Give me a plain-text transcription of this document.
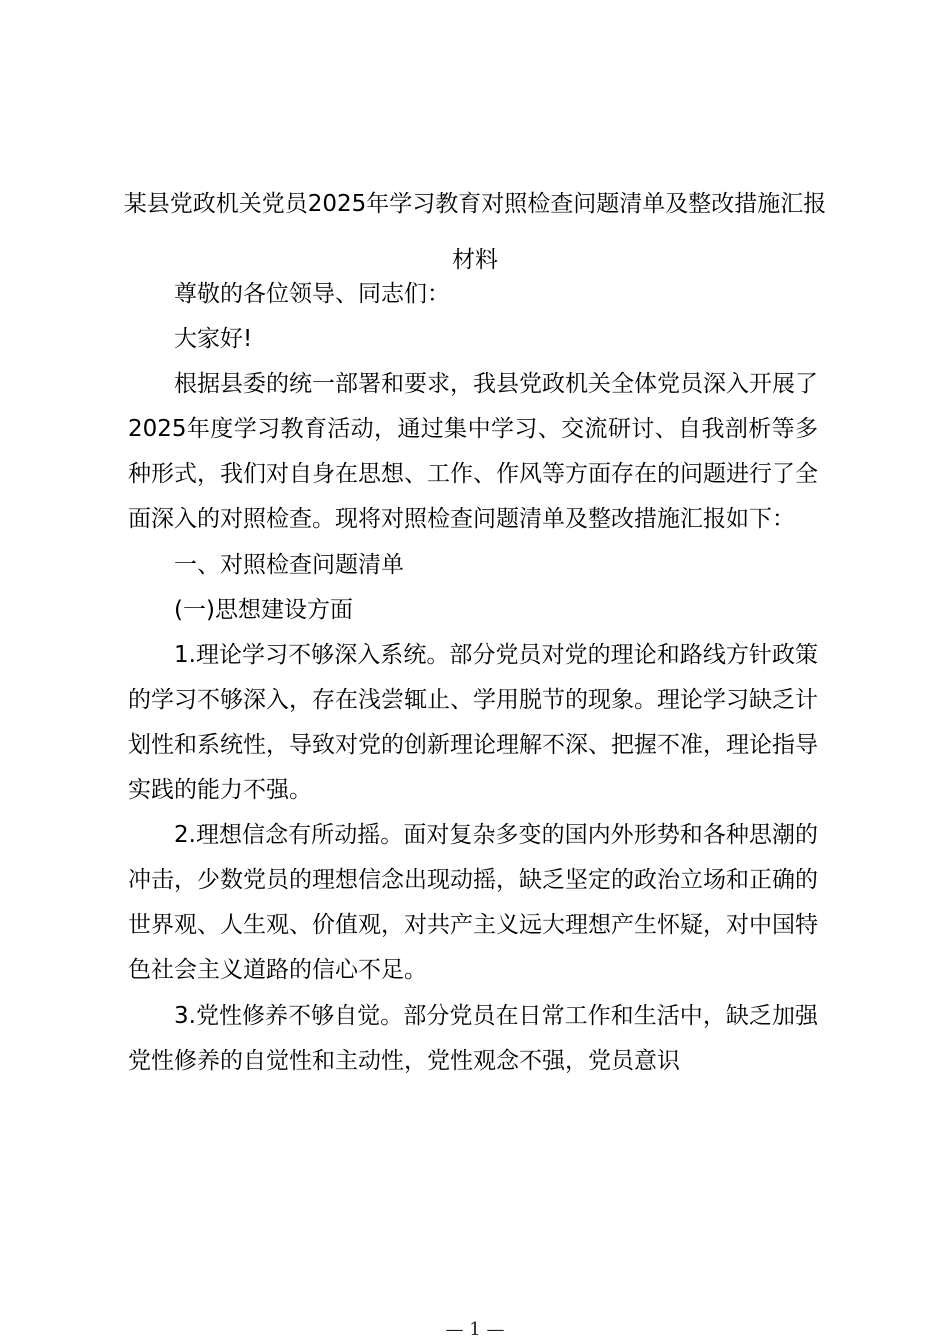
某县党政机关党员2025年学习教育对照检查问题清单及整改措施汇报材料

尊敬的各位领导、同志们：

大家好!

根据县委的统一部署和要求，我县党政机关全体党员深入开展了2025年度学习教育活动，通过集中学习、交流研讨、自我剖析等多种形式，我们对自身在思想、工作、作风等方面存在的问题进行了全面深入的对照检查。现将对照检查问题清单及整改措施汇报如下：

一、对照检查问题清单

(一)思想建设方面

1.理论学习不够深入系统。部分党员对党的理论和路线方针政策的学习不够深入，存在浅尝辄止、学用脱节的现象。理论学习缺乏计划性和系统性，导致对党的创新理论理解不深、把握不准，理论指导实践的能力不强。

2.理想信念有所动摇。面对复杂多变的国内外形势和各种思潮的冲击，少数党员的理想信念出现动摇，缺乏坚定的政治立场和正确的世界观、人生观、价值观，对共产主义远大理想产生怀疑，对中国特色社会主义道路的信心不足。

3.党性修养不够自觉。部分党员在日常工作和生活中，缺乏加强党性修养的自觉性和主动性，党性观念不强，党员意识

— 1 —
